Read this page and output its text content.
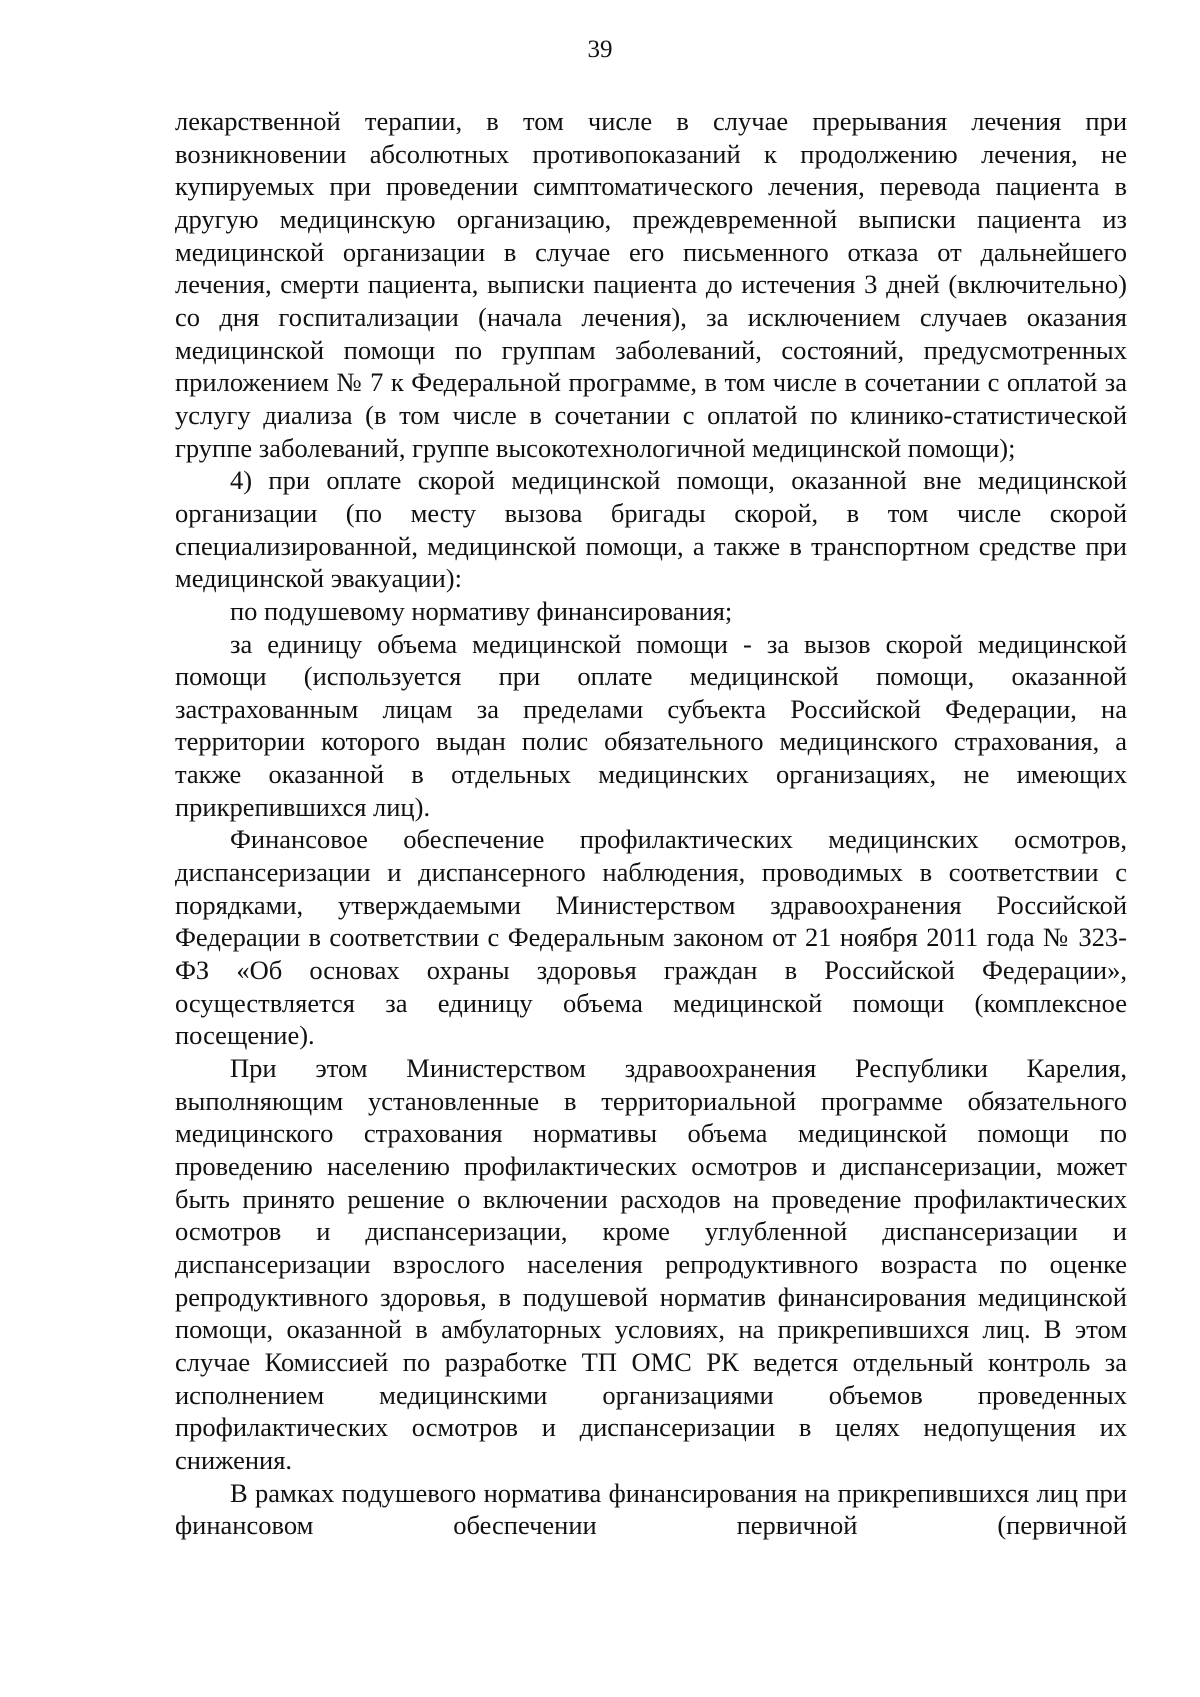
39

лекарственной терапии, в том числе в случае прерывания лечения при возникновении абсолютных противопоказаний к продолжению лечения, не купируемых при проведении симптоматического лечения, перевода пациента в другую медицинскую организацию, преждевременной выписки пациента из медицинской организации в случае его письменного отказа от дальнейшего лечения, смерти пациента, выписки пациента до истечения 3 дней (включительно) со дня госпитализации (начала лечения), за исключением случаев оказания медицинской помощи по группам заболеваний, состояний, предусмотренных приложением № 7 к Федеральной программе, в том числе в сочетании с оплатой за услугу диализа (в том числе в сочетании с оплатой по клинико-статистической группе заболеваний, группе высокотехнологичной медицинской помощи);

4) при оплате скорой медицинской помощи, оказанной вне медицинской организации (по месту вызова бригады скорой, в том числе скорой специализированной, медицинской помощи, а также в транспортном средстве при медицинской эвакуации):

по подушевому нормативу финансирования;

за единицу объема медицинской помощи - за вызов скорой медицинской помощи (используется при оплате медицинской помощи, оказанной застрахованным лицам за пределами субъекта Российской Федерации, на территории которого выдан полис обязательного медицинского страхования, а также оказанной в отдельных медицинских организациях, не имеющих прикрепившихся лиц).

Финансовое обеспечение профилактических медицинских осмотров, диспансеризации и диспансерного наблюдения, проводимых в соответствии с порядками, утверждаемыми Министерством здравоохранения Российской Федерации в соответствии с Федеральным законом от 21 ноября 2011 года № 323-ФЗ «Об основах охраны здоровья граждан в Российской Федерации», осуществляется за единицу объема медицинской помощи (комплексное посещение).

При этом Министерством здравоохранения Республики Карелия, выполняющим установленные в территориальной программе обязательного медицинского страхования нормативы объема медицинской помощи по проведению населению профилактических осмотров и диспансеризации, может быть принято решение о включении расходов на проведение профилактических осмотров и диспансеризации, кроме углубленной диспансеризации и диспансеризации взрослого населения репродуктивного возраста по оценке репродуктивного здоровья, в подушевой норматив финансирования медицинской помощи, оказанной в амбулаторных условиях, на прикрепившихся лиц. В этом случае Комиссией по разработке ТП ОМС РК ведется отдельный контроль за исполнением медицинскими организациями объемов проведенных профилактических осмотров и диспансеризации в целях недопущения их снижения.

В рамках подушевого норматива финансирования на прикрепившихся лиц при финансовом обеспечении первичной (первичной
